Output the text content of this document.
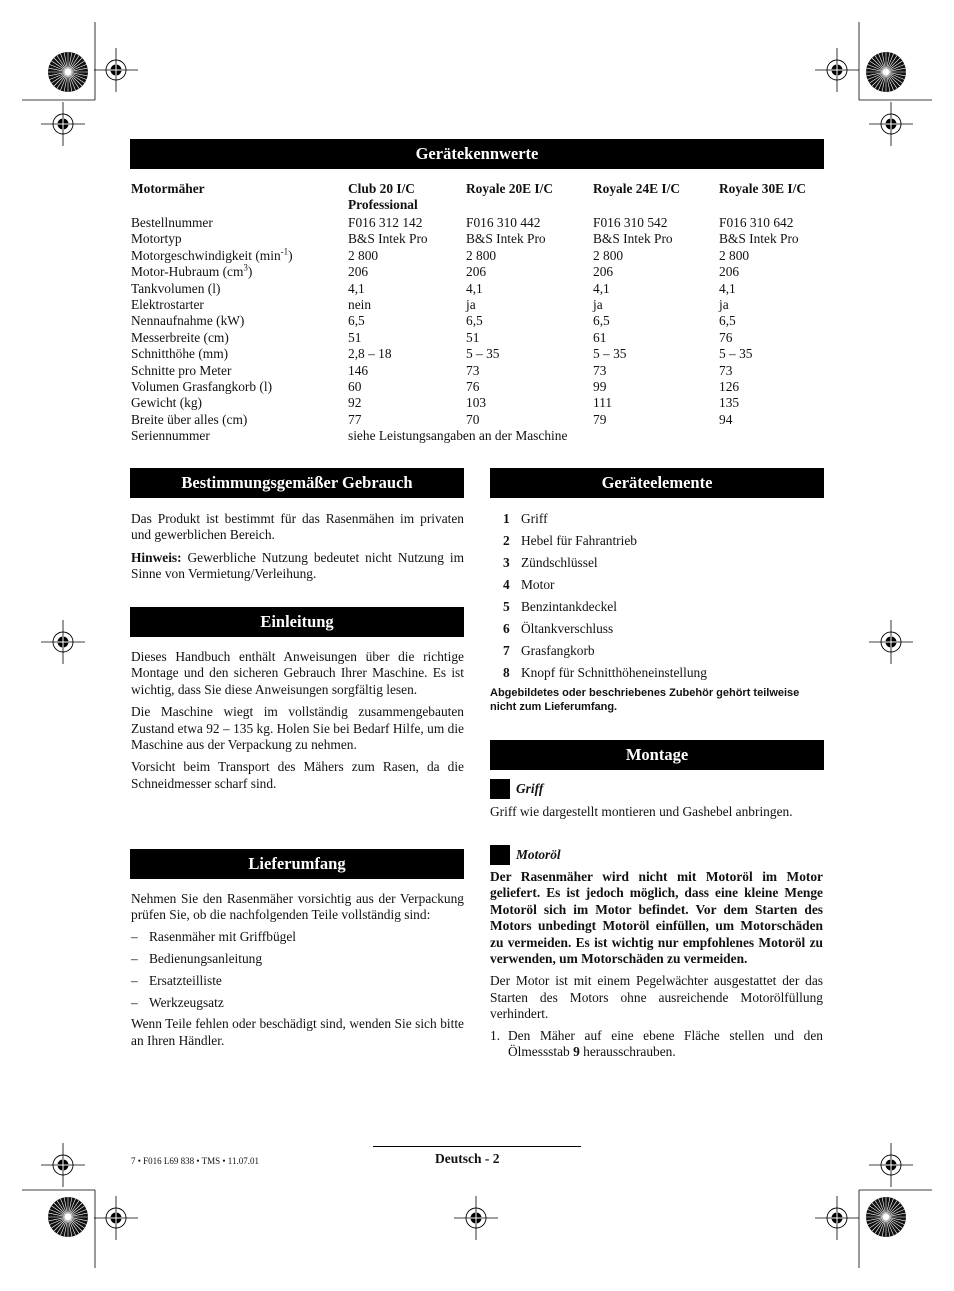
Gerätekennwerte
Motormäher	Club 20 I/C Professional	Royale 20E I/C	Royale 24E I/C	Royale 30E I/C
Bestellnummer	F016 312 142	F016 310 442	F016 310 542	F016 310 642
Motortyp	B&S Intek Pro	B&S Intek Pro	B&S Intek Pro	B&S Intek Pro
Motorgeschwindigkeit $(\min^{-1})$	2 800	2 800	2 800	2 800
Motor-Hubraum $(cm^3)$	206	206	206	206
Tankvolumen (l)	4,1	4,1	4,1	4,1
Elektrostarter	nein	ja	ja	ja
Nennaufnahme (kW)	6,5	6,5	6,5	6,5
Messerbreite (cm)	51	51	61	76
Schnitthöhe (mm)	2,8 – 18	5 – 35	5 – 35	5 – 35
Schnitte pro Meter	146	73	73	73
Volumen Grasfangkorb (l)	60	76	99	126
Gewicht (kg)	92	103	111	135
Breite über alles (cm)	77	70	79	94
Seriennummer	siehe Leistungsangaben an der Maschine			
Bestimmungsgemäßer Gebrauch

Das Produkt ist bestimmt für das Rasenmähen im privaten und gewerblichen Bereich.

Hinweis: Gewerbliche Nutzung bedeutet nicht Nutzung im Sinne von Vermietung/Verleihung.

Einleitung

Dieses Handbuch enthält Anweisungen über die richtige Montage und den sicheren Gebrauch Ihrer Maschine. Es ist wichtig, dass Sie diese Anweisungen sorgfältig lesen.

Die Maschine wiegt im vollständig zusammengebauten Zustand etwa 92 – 135 kg. Holen Sie bei Bedarf Hilfe, um die Maschine aus der Verpackung zu nehmen.

Vorsicht beim Transport des Mähers zum Rasen, da die Schneidmesser scharf sind.

Lieferumfang

Nehmen Sie den Rasenmäher vorsichtig aus der Verpackung prüfen Sie, ob die nachfolgenden Teile vollständig sind:

– Rasenmäher mit Griffbügel
– Bedienungsanleitung
– Ersatzteilliste
– Werkzeugsatz

Wenn Teile fehlen oder beschädigt sind, wenden Sie sich bitte an Ihren Händler.

Geräteelemente
1 Griff
2 Hebel für Fahrantrieb
3 Zündschlüssel
4 Motor
5 Benzintankdeckel
6 Öltankverschluss
7 Grasfangkorb
8 Knopf für Schnitthöheneinstellung

Abgebildetes oder beschriebenes Zubehör gehört teilweise nicht zum Lieferumfang.

Montage
Griff

Griff wie dargestellt montieren und Gashebel anbringen.

Motoröl

Der Rasenmäher wird nicht mit Motoröl im Motor geliefert. Es ist jedoch möglich, dass eine kleine Menge Motoröl sich im Motor befindet. Vor dem Starten des Motors unbedingt Motoröl einfüllen, um Motorschäden zu vermeiden. Es ist wichtig nur empfohlenes Motoröl zu verwenden, um Motorschäden zu vermeiden.

Der Motor ist mit einem Pegelwächter ausgestattet der das Starten des Motors ohne ausreichende Motorölfüllung verhindert.

1. Den Mäher auf eine ebene Fläche stellen und den Ölmessstab 9 herausschrauben.

7 • F016 L69 838 • TMS • 11.07.01	Deutsch - 2
